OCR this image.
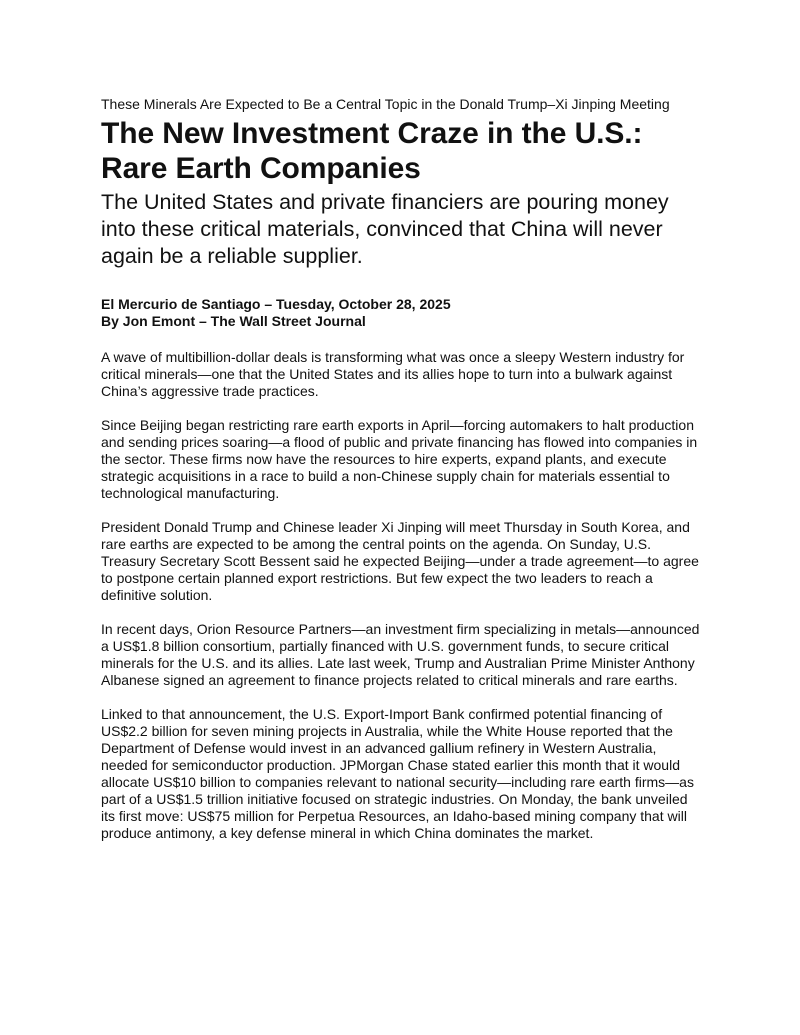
These Minerals Are Expected to Be a Central Topic in the Donald Trump–Xi Jinping Meeting

The New Investment Craze in the U.S.: Rare Earth Companies

The United States and private financiers are pouring money into these critical materials, convinced that China will never again be a reliable supplier.

El Mercurio de Santiago – Tuesday, October 28, 2025
By Jon Emont – The Wall Street Journal

A wave of multibillion-dollar deals is transforming what was once a sleepy Western industry for critical minerals—one that the United States and its allies hope to turn into a bulwark against China’s aggressive trade practices.

Since Beijing began restricting rare earth exports in April—forcing automakers to halt production and sending prices soaring—a flood of public and private financing has flowed into companies in the sector. These firms now have the resources to hire experts, expand plants, and execute strategic acquisitions in a race to build a non-Chinese supply chain for materials essential to technological manufacturing.

President Donald Trump and Chinese leader Xi Jinping will meet Thursday in South Korea, and rare earths are expected to be among the central points on the agenda. On Sunday, U.S. Treasury Secretary Scott Bessent said he expected Beijing—under a trade agreement—to agree to postpone certain planned export restrictions. But few expect the two leaders to reach a definitive solution.

In recent days, Orion Resource Partners—an investment firm specializing in metals—announced a US$1.8 billion consortium, partially financed with U.S. government funds, to secure critical minerals for the U.S. and its allies. Late last week, Trump and Australian Prime Minister Anthony Albanese signed an agreement to finance projects related to critical minerals and rare earths.

Linked to that announcement, the U.S. Export-Import Bank confirmed potential financing of US$2.2 billion for seven mining projects in Australia, while the White House reported that the Department of Defense would invest in an advanced gallium refinery in Western Australia, needed for semiconductor production. JPMorgan Chase stated earlier this month that it would allocate US$10 billion to companies relevant to national security—including rare earth firms—as part of a US$1.5 trillion initiative focused on strategic industries. On Monday, the bank unveiled its first move: US$75 million for Perpetua Resources, an Idaho-based mining company that will produce antimony, a key defense mineral in which China dominates the market.
